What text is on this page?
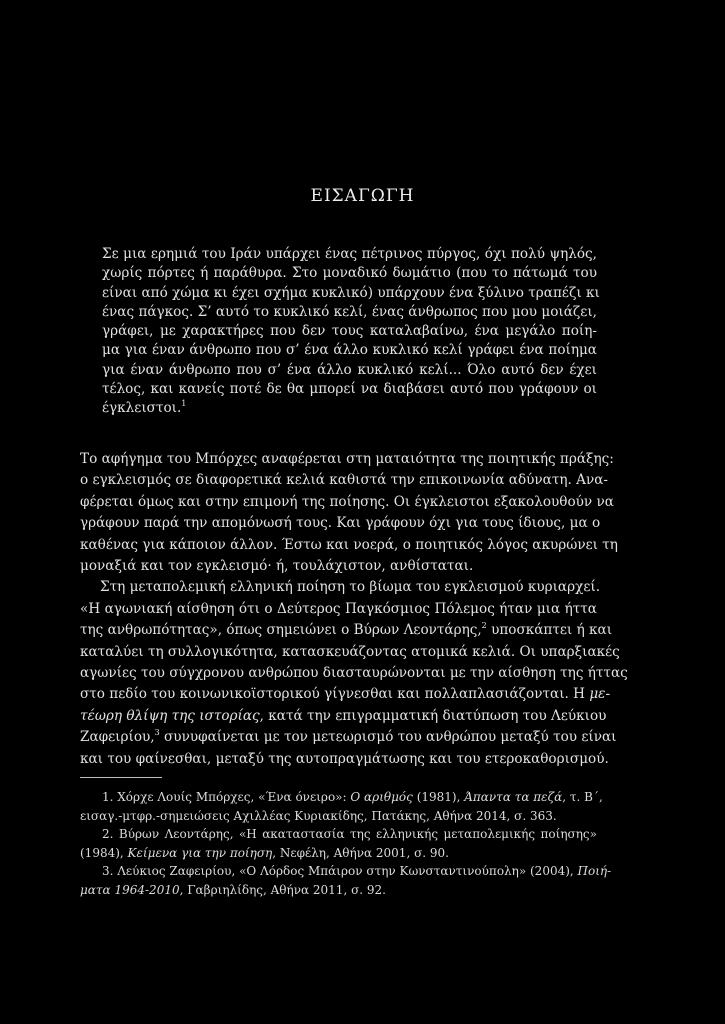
ΕΙΣΑΓΩΓΗ
Σε μια ερημιά του Ιράν υπάρχει ένας πέτρινος πύργος, όχι πολύ ψηλός,
χωρίς πόρτες ή παράθυρα. Στο μοναδικό δωμάτιο (που το πάτωμά του
είναι από χώμα κι έχει σχήμα κυκλικό) υπάρχουν ένα ξύλινο τραπέζι κι
ένας πάγκος. Σ’ αυτό το κυκλικό κελί, ένας άνθρωπος που μου μοιάζει,
γράφει, με χαρακτήρες που δεν τους καταλαβαίνω, ένα μεγάλο ποίη-
μα για έναν άνθρωπο που σ’ ένα άλλο κυκλικό κελί γράφει ένα ποίημα
για έναν άνθρωπο που σ’ ένα άλλο κυκλικό κελί... Όλο αυτό δεν έχει
τέλος, και κανείς ποτέ δε θα μπορεί να διαβάσει αυτό που γράφουν οι
έγκλειστοι.$^1$
Το αφήγημα του Μπόρχες αναφέρεται στη ματαιότητα της ποιητικής πράξης:
ο εγκλεισμός σε διαφορετικά κελιά καθιστά την επικοινωνία αδύνατη. Ανα-
φέρεται όμως και στην επιμονή της ποίησης. Οι έγκλειστοι εξακολουθούν να
γράφουν παρά την απομόνωσή τους. Και γράφουν όχι για τους ίδιους, μα ο
καθένας για κάποιον άλλον. Έστω και νοερά, ο ποιητικός λόγος ακυρώνει τη
μοναξιά και τον εγκλεισμό· ή, τουλάχιστον, ανθίσταται.
Στη μεταπολεμική ελληνική ποίηση το βίωμα του εγκλεισμού κυριαρχεί.
«Η αγωνιακή αίσθηση ότι ο Δεύτερος Παγκόσμιος Πόλεμος ήταν μια ήττα
της ανθρωπότητας», όπως σημειώνει ο Βύρων Λεοντάρης,$^2$ υποσκάπτει ή και
καταλύει τη συλλογικότητα, κατασκευάζοντας ατομικά κελιά. Οι υπαρξιακές
αγωνίες του σύγχρονου ανθρώπου διασταυρώνονται με την αίσθηση της ήττας
στο πεδίο του κοινωνικοϊστορικού γίγνεσθαι και πολλαπλασιάζονται. Η με-
τέωρη θλίψη της ιστορίας, κατά την επιγραμματική διατύπωση του Λεύκιου
Ζαφειρίου,$^3$ συνυφαίνεται με τον μετεωρισμό του ανθρώπου μεταξύ του είναι
και του φαίνεσθαι, μεταξύ της αυτοπραγμάτωσης και του ετεροκαθορισμού.
1. Χόρχε Λουίς Μπόρχες, «Ένα όνειρο»: Ο αριθμός (1981), Άπαντα τα πεζά, τ. Β΄,
εισαγ.-μτφρ.-σημειώσεις Αχιλλέας Κυριακίδης, Πατάκης, Αθήνα 2014, σ. 363.
2. Βύρων Λεοντάρης, «Η ακαταστασία της ελληνικής μεταπολεμικής ποίησης»
(1984), Κείμενα για την ποίηση, Νεφέλη, Αθήνα 2001, σ. 90.
3. Λεύκιος Ζαφειρίου, «Ο Λόρδος Μπάιρον στην Κωνσταντινούπολη» (2004), Ποιή-
ματα 1964-2010, Γαβριηλίδης, Αθήνα 2011, σ. 92.
